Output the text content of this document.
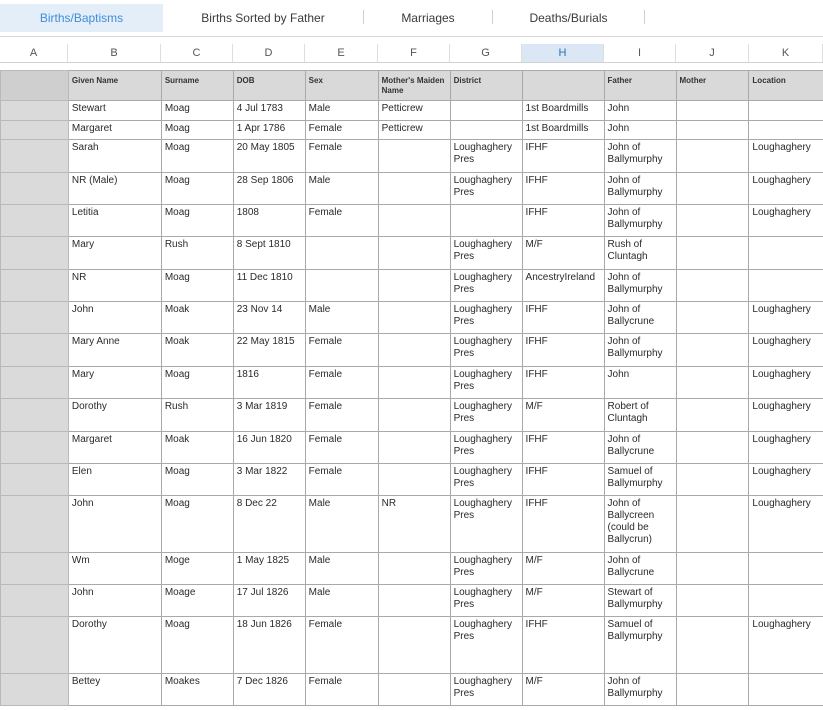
Births/Baptisms	Births Sorted by Father	Marriages	Deaths/Burials
A	B	C	D	E	F	G	H	I	J	K
	Given Name	Surname	DOB	Sex	Mother's Maiden Name	District		Father	Mother	Location
	Stewart	Moag	4 Jul 1783	Male	Petticrew		1st Boardmills	John		
	Margaret	Moag	1 Apr 1786	Female	Petticrew		1st Boardmills	John		
	Sarah	Moag	20 May 1805	Female		Loughaghery Pres	IFHF	John of Ballymurphy		Loughaghery
	NR (Male)	Moag	28 Sep 1806	Male		Loughaghery Pres	IFHF	John of Ballymurphy		Loughaghery
	Letitia	Moag	1808	Female			IFHF	John of Ballymurphy		Loughaghery
	Mary	Rush	8 Sept 1810			Loughaghery Pres	M/F	Rush of Cluntagh		
	NR	Moag	11 Dec 1810			Loughaghery Pres	AncestryIreland	John of Ballymurphy		
	John	Moak	23 Nov 14	Male		Loughaghery Pres	IFHF	John of Ballycrune		Loughaghery
	Mary Anne	Moak	22 May 1815	Female		Loughaghery Pres	IFHF	John of Ballymurphy		Loughaghery
	Mary	Moag	1816	Female		Loughaghery Pres	IFHF	John		Loughaghery
	Dorothy	Rush	3 Mar 1819	Female		Loughaghery Pres	M/F	Robert of Cluntagh		Loughaghery
	Margaret	Moak	16 Jun 1820	Female		Loughaghery Pres	IFHF	John of Ballycrune		Loughaghery
	Elen	Moag	3 Mar 1822	Female		Loughaghery Pres	IFHF	Samuel of Ballymurphy		Loughaghery
	John	Moag	8 Dec 22	Male	NR	Loughaghery Pres	IFHF	John of Ballycreen (could be Ballycrun)		Loughaghery
	Wm	Moge	1 May 1825	Male		Loughaghery Pres	M/F	John of Ballycrune		
	John	Moage	17 Jul 1826	Male		Loughaghery Pres	M/F	Stewart of Ballymurphy		
	Dorothy	Moag	18 Jun 1826	Female		Loughaghery Pres	IFHF	Samuel of Ballymurphy		Loughaghery
	Bettey	Moakes	7 Dec 1826	Female		Loughaghery Pres	M/F	John of Ballymurphy		
